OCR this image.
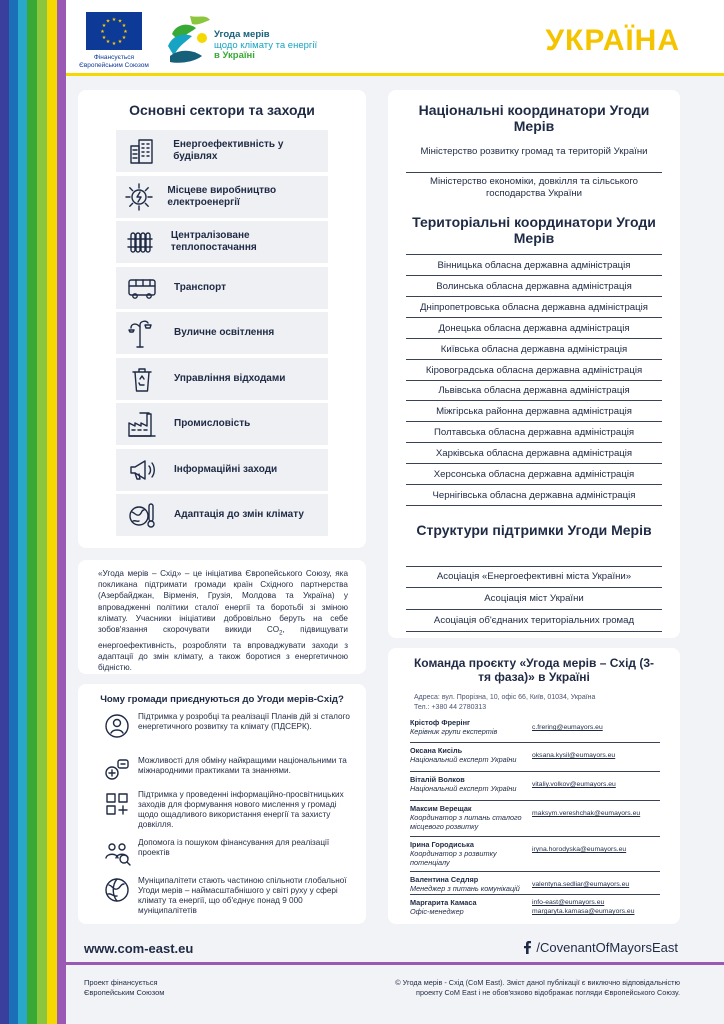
★ ★
★
★
★
★
★
★
★
★
★
★
Фінансується Європейським Союзом
Угода мерів
щодо клімату та енергії
в Україні	УКРАЇНА
Основні сектори та заходи
Енергоефективність у будівлях
Місцеве виробництво електроенергії
Централізоване теплопостачання
Транспорт
Вуличне освітлення
Управління відходами
Промисловість
Інформаційні заходи
Адаптація до змін клімату
«Угода мерів – Схід» – це ініціатива Європейського Союзу, яка покликана підтримати громади країн Східного партнерства (Азербайджан, Вірменія, Грузія, Молдова та Україна) у впровадженні політики сталої енергії та боротьбі зі зміною клімату. Учасники ініціативи добровільно беруть на себе зобов'язання скорочувати викиди $CO_2$, підвищувати енергоефективність, розробляти та впроваджувати заходи з адаптації до змін клімату, а також боротися з енергетичною бідністю.
Чому громади приєднуються до Угоди мерів-Схід?
Підтримка у розробці та реалізації Планів дій зі сталого енергетичного розвитку та клімату (ПДСЕРК).
Можливості для обміну найкращими національними та міжнародними практиками та знаннями.
Підтримка у проведенні інформаційно-просвітницьких заходів для формування нового мислення у громаді щодо ощадливого використання енергії та захисту довкілля.
Допомога із пошуком фінансування для реалізації проектів
Муніципалітети стають частиною спільноти глобальної Угоди мерів – наймасштабнішого у світі руху у сфері клімату та енергії, що об'єднує понад 9 000 муніципалітетів
Національні координатори Угоди Мерів
Міністерство розвитку громад та територій України
Міністерство економіки, довкілля та сільського господарства України
Територіальні координатори Угоди Мерів
Вінницька обласна державна адміністрація
Волинська обласна державна адміністрація
Дніпропетровська обласна державна адміністрація
Донецька обласна державна адміністрація
Київська обласна державна адміністрація
Кіровоградська обласна державна адміністрація
Львівська обласна державна адміністрація
Міжгірська районна державна адміністрація
Полтавська обласна державна адміністрація
Харківська обласна державна адміністрація
Херсонська обласна державна адміністрація
Чернігівська обласна державна адміністрація
Структури підтримки Угоди Мерів
Асоціація «Енергоефективні міста України»
Асоціація міст України
Асоціація об'єднаних територіальних громад
Команда проєкту «Угода мерів – Схід (3-тя фаза)» в Україні
Адреса: вул. Прорізна, 10, офіс 66, Київ, 01034, Україна
Тел.: +380 44 2780313
Крістоф Фрерінг
Керівник групи експертів	c.frering@eumayors.eu
Оксана Кисіль
Національний експерт України	oksana.kysil@eumayors.eu
Віталій Волков
Національний експерт України	vitaliy.volkov@eumayors.eu
Максим Верещак
Координатор з питань сталого місцевого розвитку
maksym.vereshchak@eumayors.eu
Ірина Городиська
Координатор з розвитку потенціалу
iryna.horodyska@eumayors.eu
Валентина Седляр
Менеджер з питань комунікацій	valentyna.sedliar@eumayors.eu
Маргарита Камаса
Офіс-менеджер
info-east@eumayors.eu
margaryta.kamasa@eumayors.eu
www.com-east.eu	/CovenantOfMayorsEast
Проект фінансується
Європейським Союзом
© Угода мерів - Схід (CoM East). Зміст даної публікації є виключно відповідальністю проекту CoM East і не обов'язково відображає погляди Європейського Союзу.
